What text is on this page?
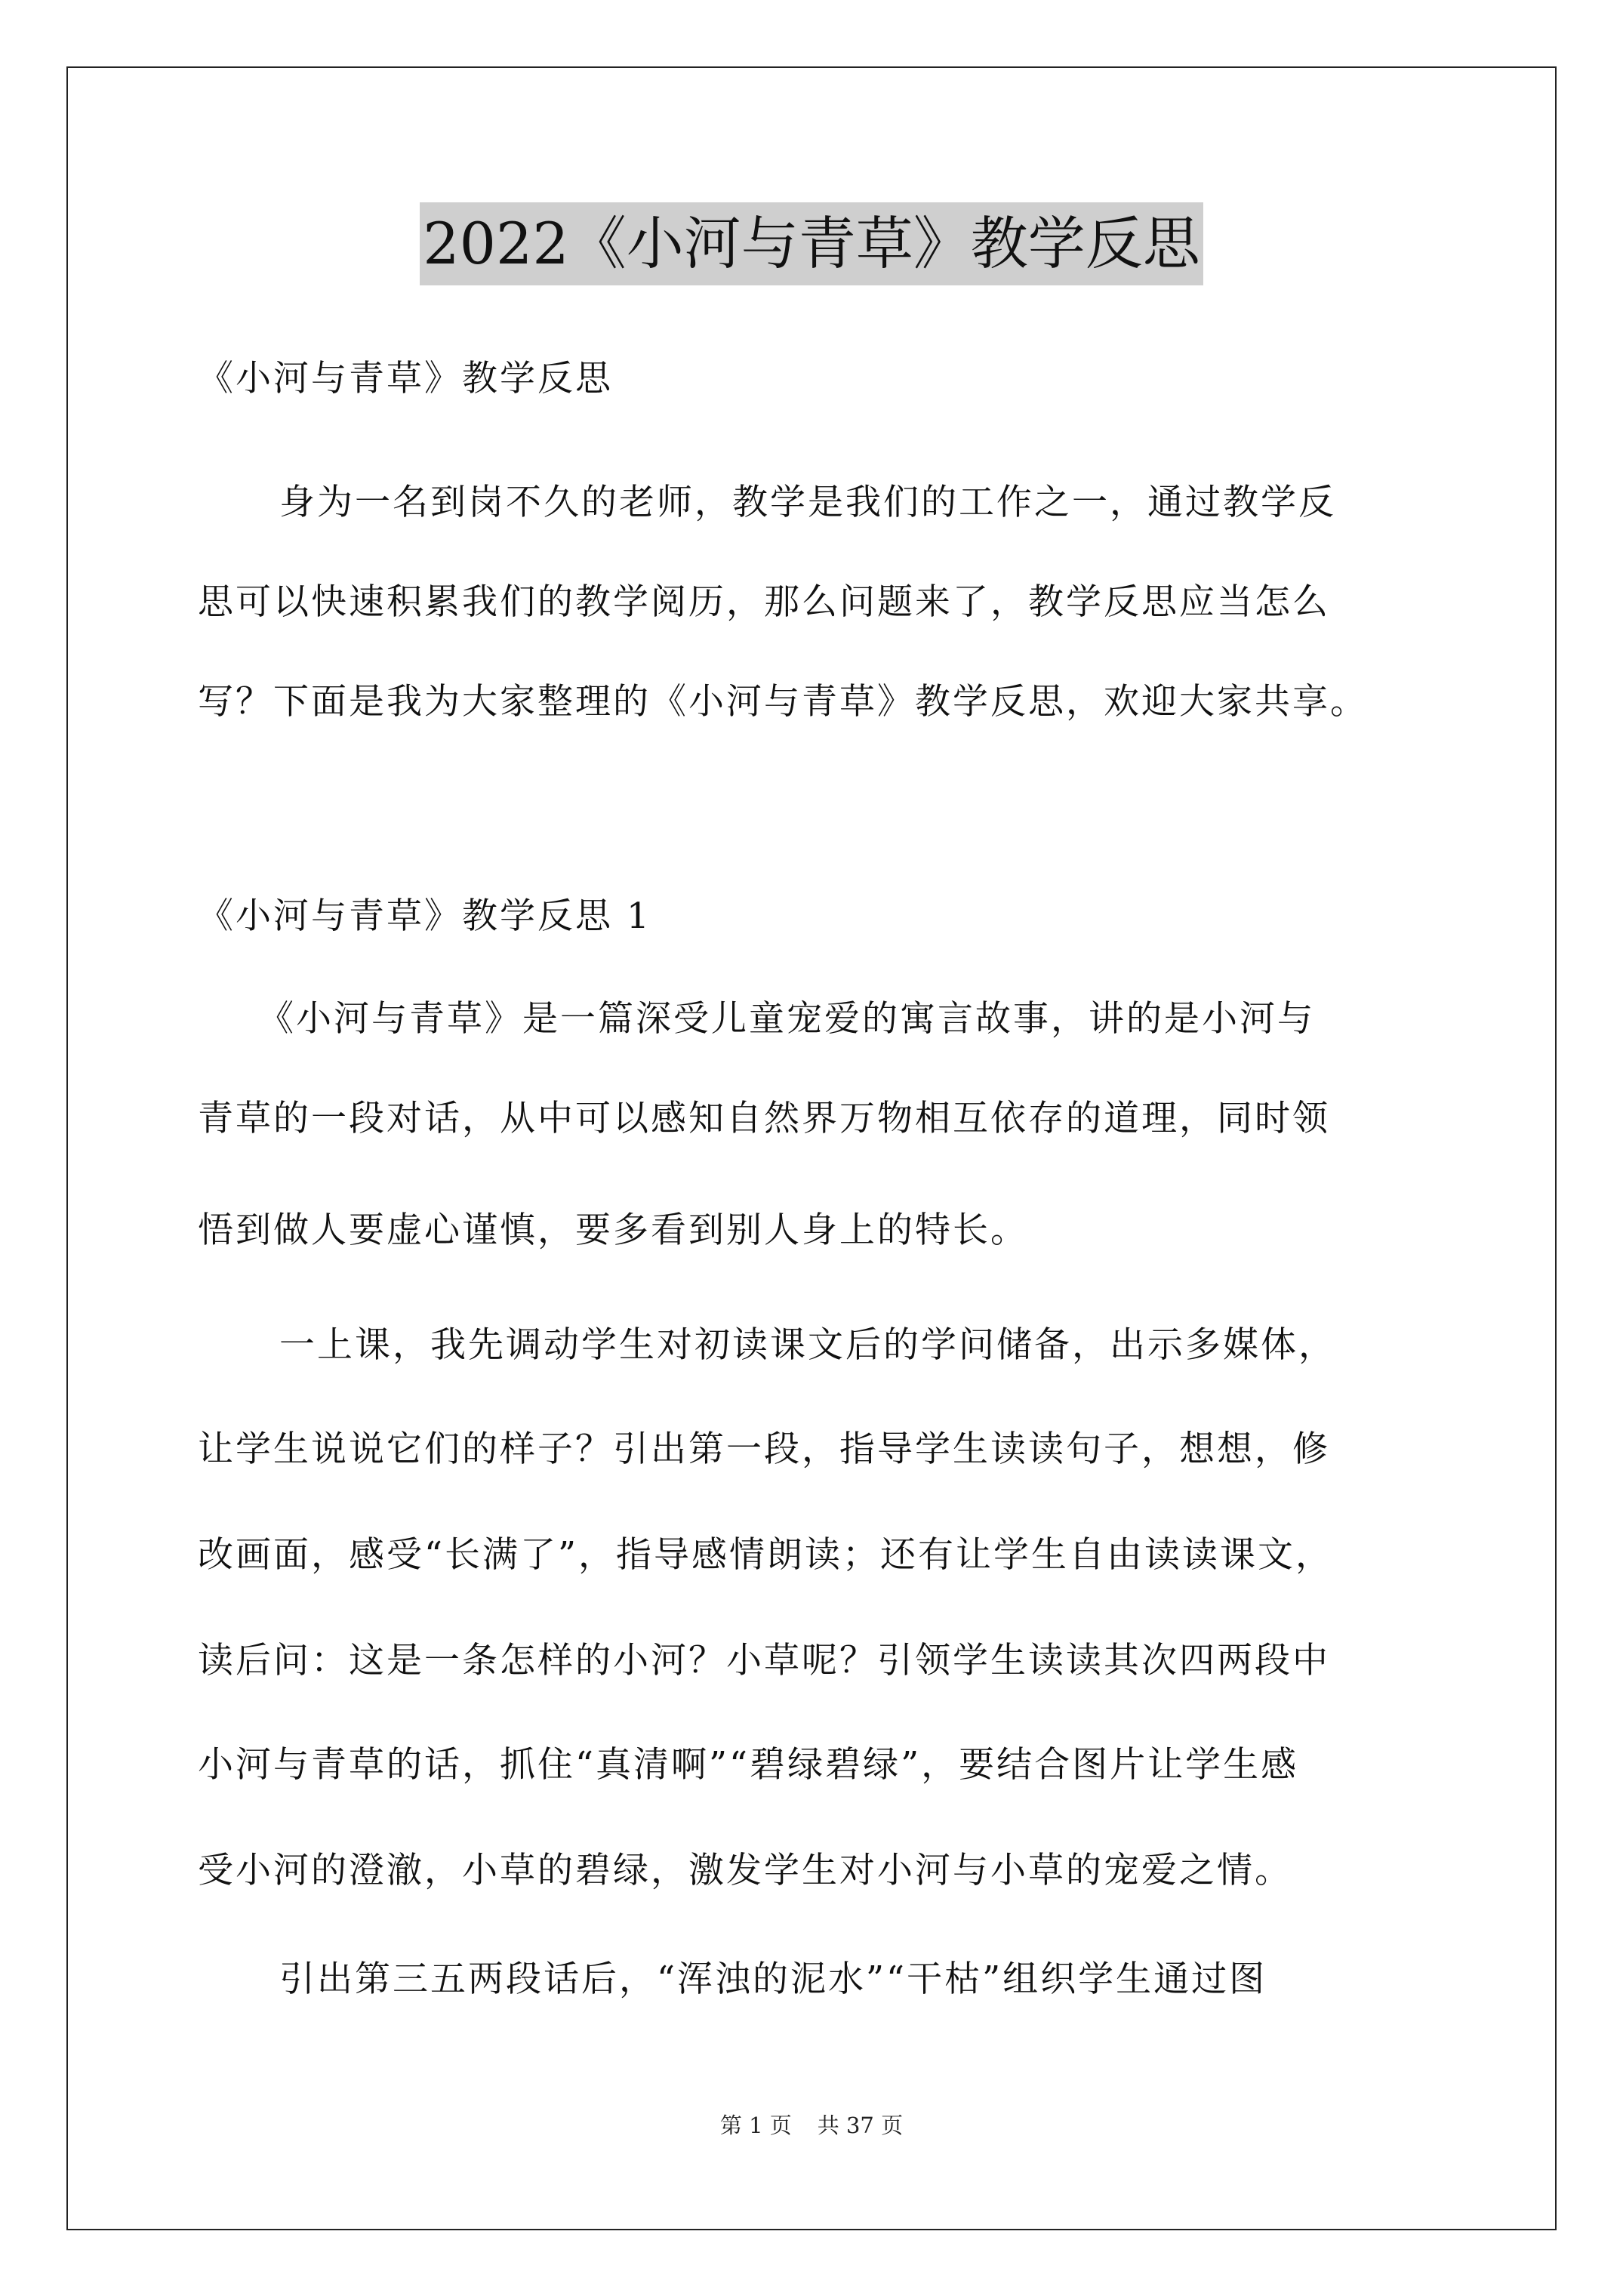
2022《小河与青草》教学反思
《小河与青草》教学反思
身为一名到岗不久的老师，教学是我们的工作之一，通过教学反
思可以快速积累我们的教学阅历，那么问题来了，教学反思应当怎么
写？下面是我为大家整理的《小河与青草》教学反思，欢迎大家共享。
《小河与青草》教学反思 1
《小河与青草》是一篇深受儿童宠爱的寓言故事，讲的是小河与
青草的一段对话，从中可以感知自然界万物相互依存的道理，同时领
悟到做人要虚心谨慎，要多看到别人身上的特长。
一上课，我先调动学生对初读课文后的学问储备，出示多媒体，
让学生说说它们的样子？引出第一段，指导学生读读句子，想想，修
改画面，感受“长满了”，指导感情朗读；还有让学生自由读读课文，
读后问：这是一条怎样的小河？小草呢？引领学生读读其次四两段中
小河与青草的话，抓住“真清啊”“碧绿碧绿”，要结合图片让学生感
受小河的澄澈，小草的碧绿，激发学生对小河与小草的宠爱之情。
引出第三五两段话后，“浑浊的泥水”“干枯”组织学生通过图
第 1 页 共 37 页
